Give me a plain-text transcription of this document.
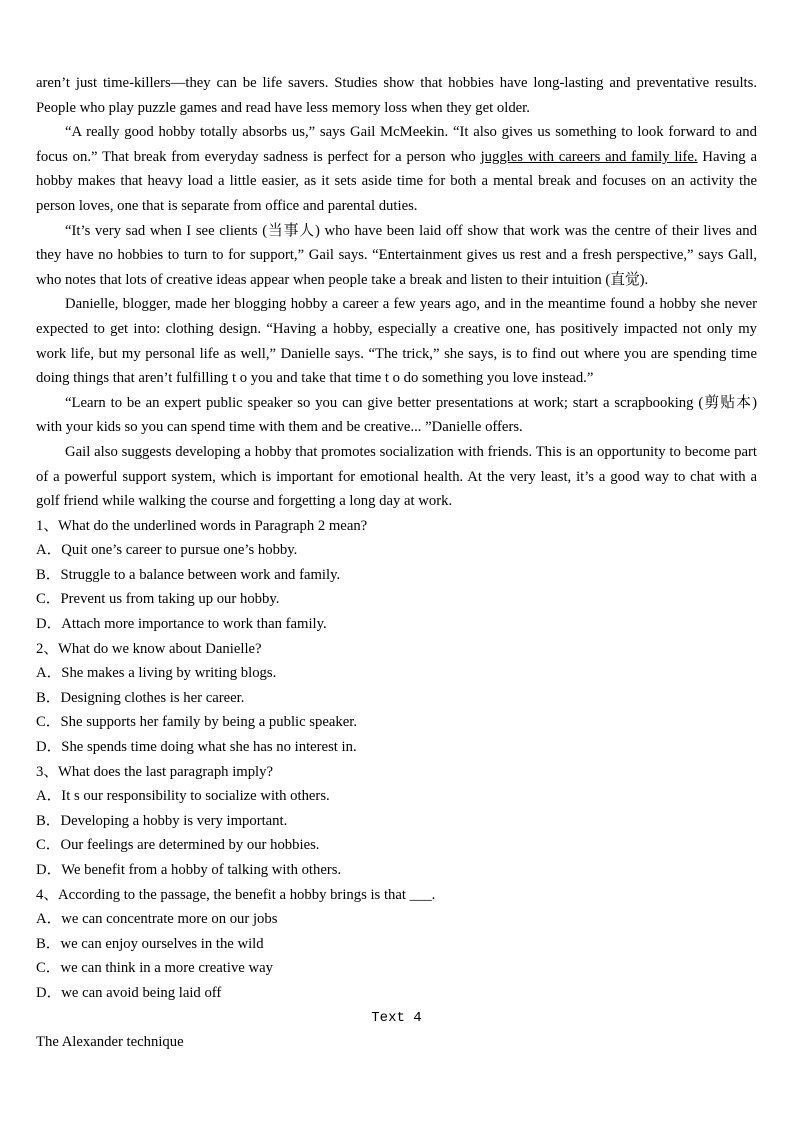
aren’t just time-killers—they can be life savers. Studies show that hobbies have long-lasting and preventative results. People who play puzzle games and read have less memory loss when they get older.

“A really good hobby totally absorbs us,” says Gail McMeekin. “It also gives us something to look forward to and focus on.” That break from everyday sadness is perfect for a person who juggles with careers and family life. Having a hobby makes that heavy load a little easier, as it sets aside time for both a mental break and focuses on an activity the person loves, one that is separate from office and parental duties.

“It’s very sad when I see clients (当事人) who have been laid off show that work was the centre of their lives and they have no hobbies to turn to for support,” Gail says. “Entertainment gives us rest and a fresh perspective,” says Gall, who notes that lots of creative ideas appear when people take a break and listen to their intuition (直觉).

Danielle, blogger, made her blogging hobby a career a few years ago, and in the meantime found a hobby she never expected to get into: clothing design. “Having a hobby, especially a creative one, has positively impacted not only my work life, but my personal life as well,” Danielle says. “The trick,” she says, is to find out where you are spending time doing things that aren’t fulfilling t o you and take that time t o do something you love instead.”

“Learn to be an expert public speaker so you can give better presentations at work; start a scrapbooking (剪贴本) with your kids so you can spend time with them and be creative... ”Danielle offers.

Gail also suggests developing a hobby that promotes socialization with friends. This is an opportunity to become part of a powerful support system, which is important for emotional health. At the very least, it’s a good way to chat with a golf friend while walking the course and forgetting a long day at work.

1、What do the underlined words in Paragraph 2 mean?
A．Quit one’s career to pursue one’s hobby.
B．Struggle to a balance between work and family.
C．Prevent us from taking up our hobby.
D．Attach more importance to work than family.
2、What do we know about Danielle?
A．She makes a living by writing blogs.
B．Designing clothes is her career.
C．She supports her family by being a public speaker.
D．She spends time doing what she has no interest in.
3、What does the last paragraph imply?
A．It s our responsibility to socialize with others.
B．Developing a hobby is very important.
C．Our feelings are determined by our hobbies.
D．We benefit from a hobby of talking with others.
4、According to the passage, the benefit a hobby brings is that ___.
A．we can concentrate more on our jobs
B．we can enjoy ourselves in the wild
C．we can think in a more creative way
D．we can avoid being laid off
Text 4

The Alexander technique
